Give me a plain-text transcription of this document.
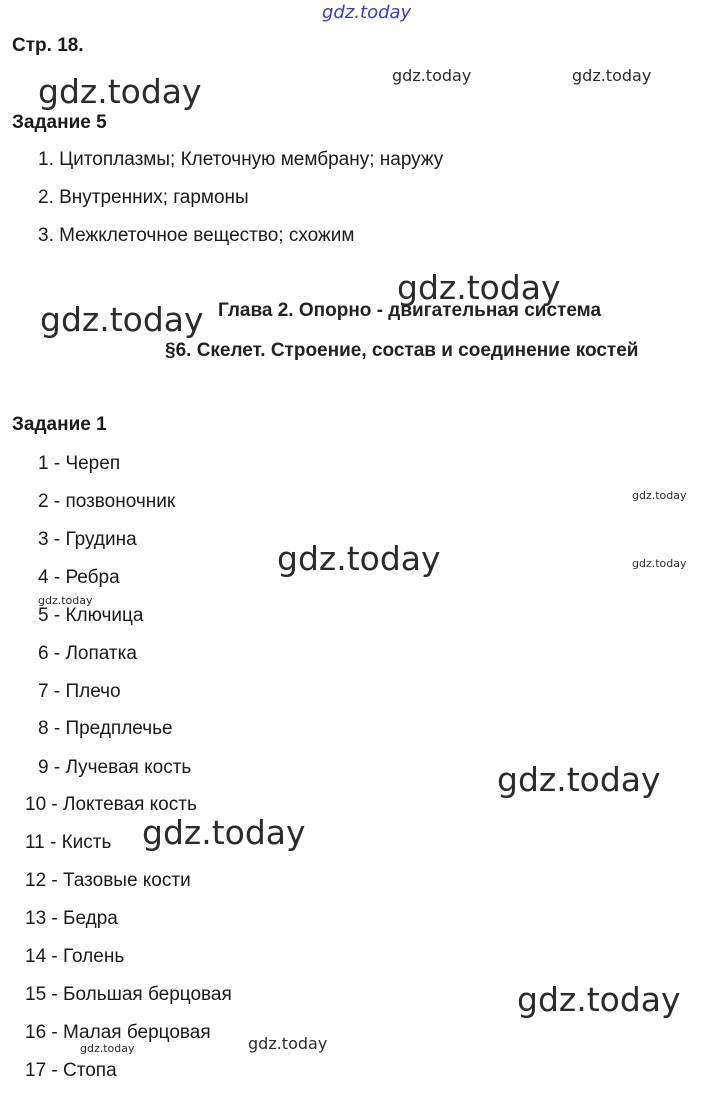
gdz.today
gdz.today	gdz.today	gdz.today
gdz.today
gdz.today
gdz.today
gdz.today	gdz.today
gdz.today
gdz.today
gdz.today
gdz.today
gdz.today
gdz.today
Стр. 18.
Задание 5
1. Цитоплазмы; Клеточную мембрану; наружу
2. Внутренних; гармоны
3. Межклеточное вещество; схожим
Глава 2. Опорно - двигательная система
§6. Скелет. Строение, состав и соединение костей
Задание 1
1 - Череп
2 - позвоночник
3 - Грудина
4 - Ребра
5 - Ключица
6 - Лопатка
7 - Плечо
8 - Предплечье
9 - Лучевая кость
10 - Локтевая кость
11 - Кисть
12 - Тазовые кости
13 - Бедра
14 - Голень
15 - Большая берцовая
16 - Малая берцовая
17 - Стопа
